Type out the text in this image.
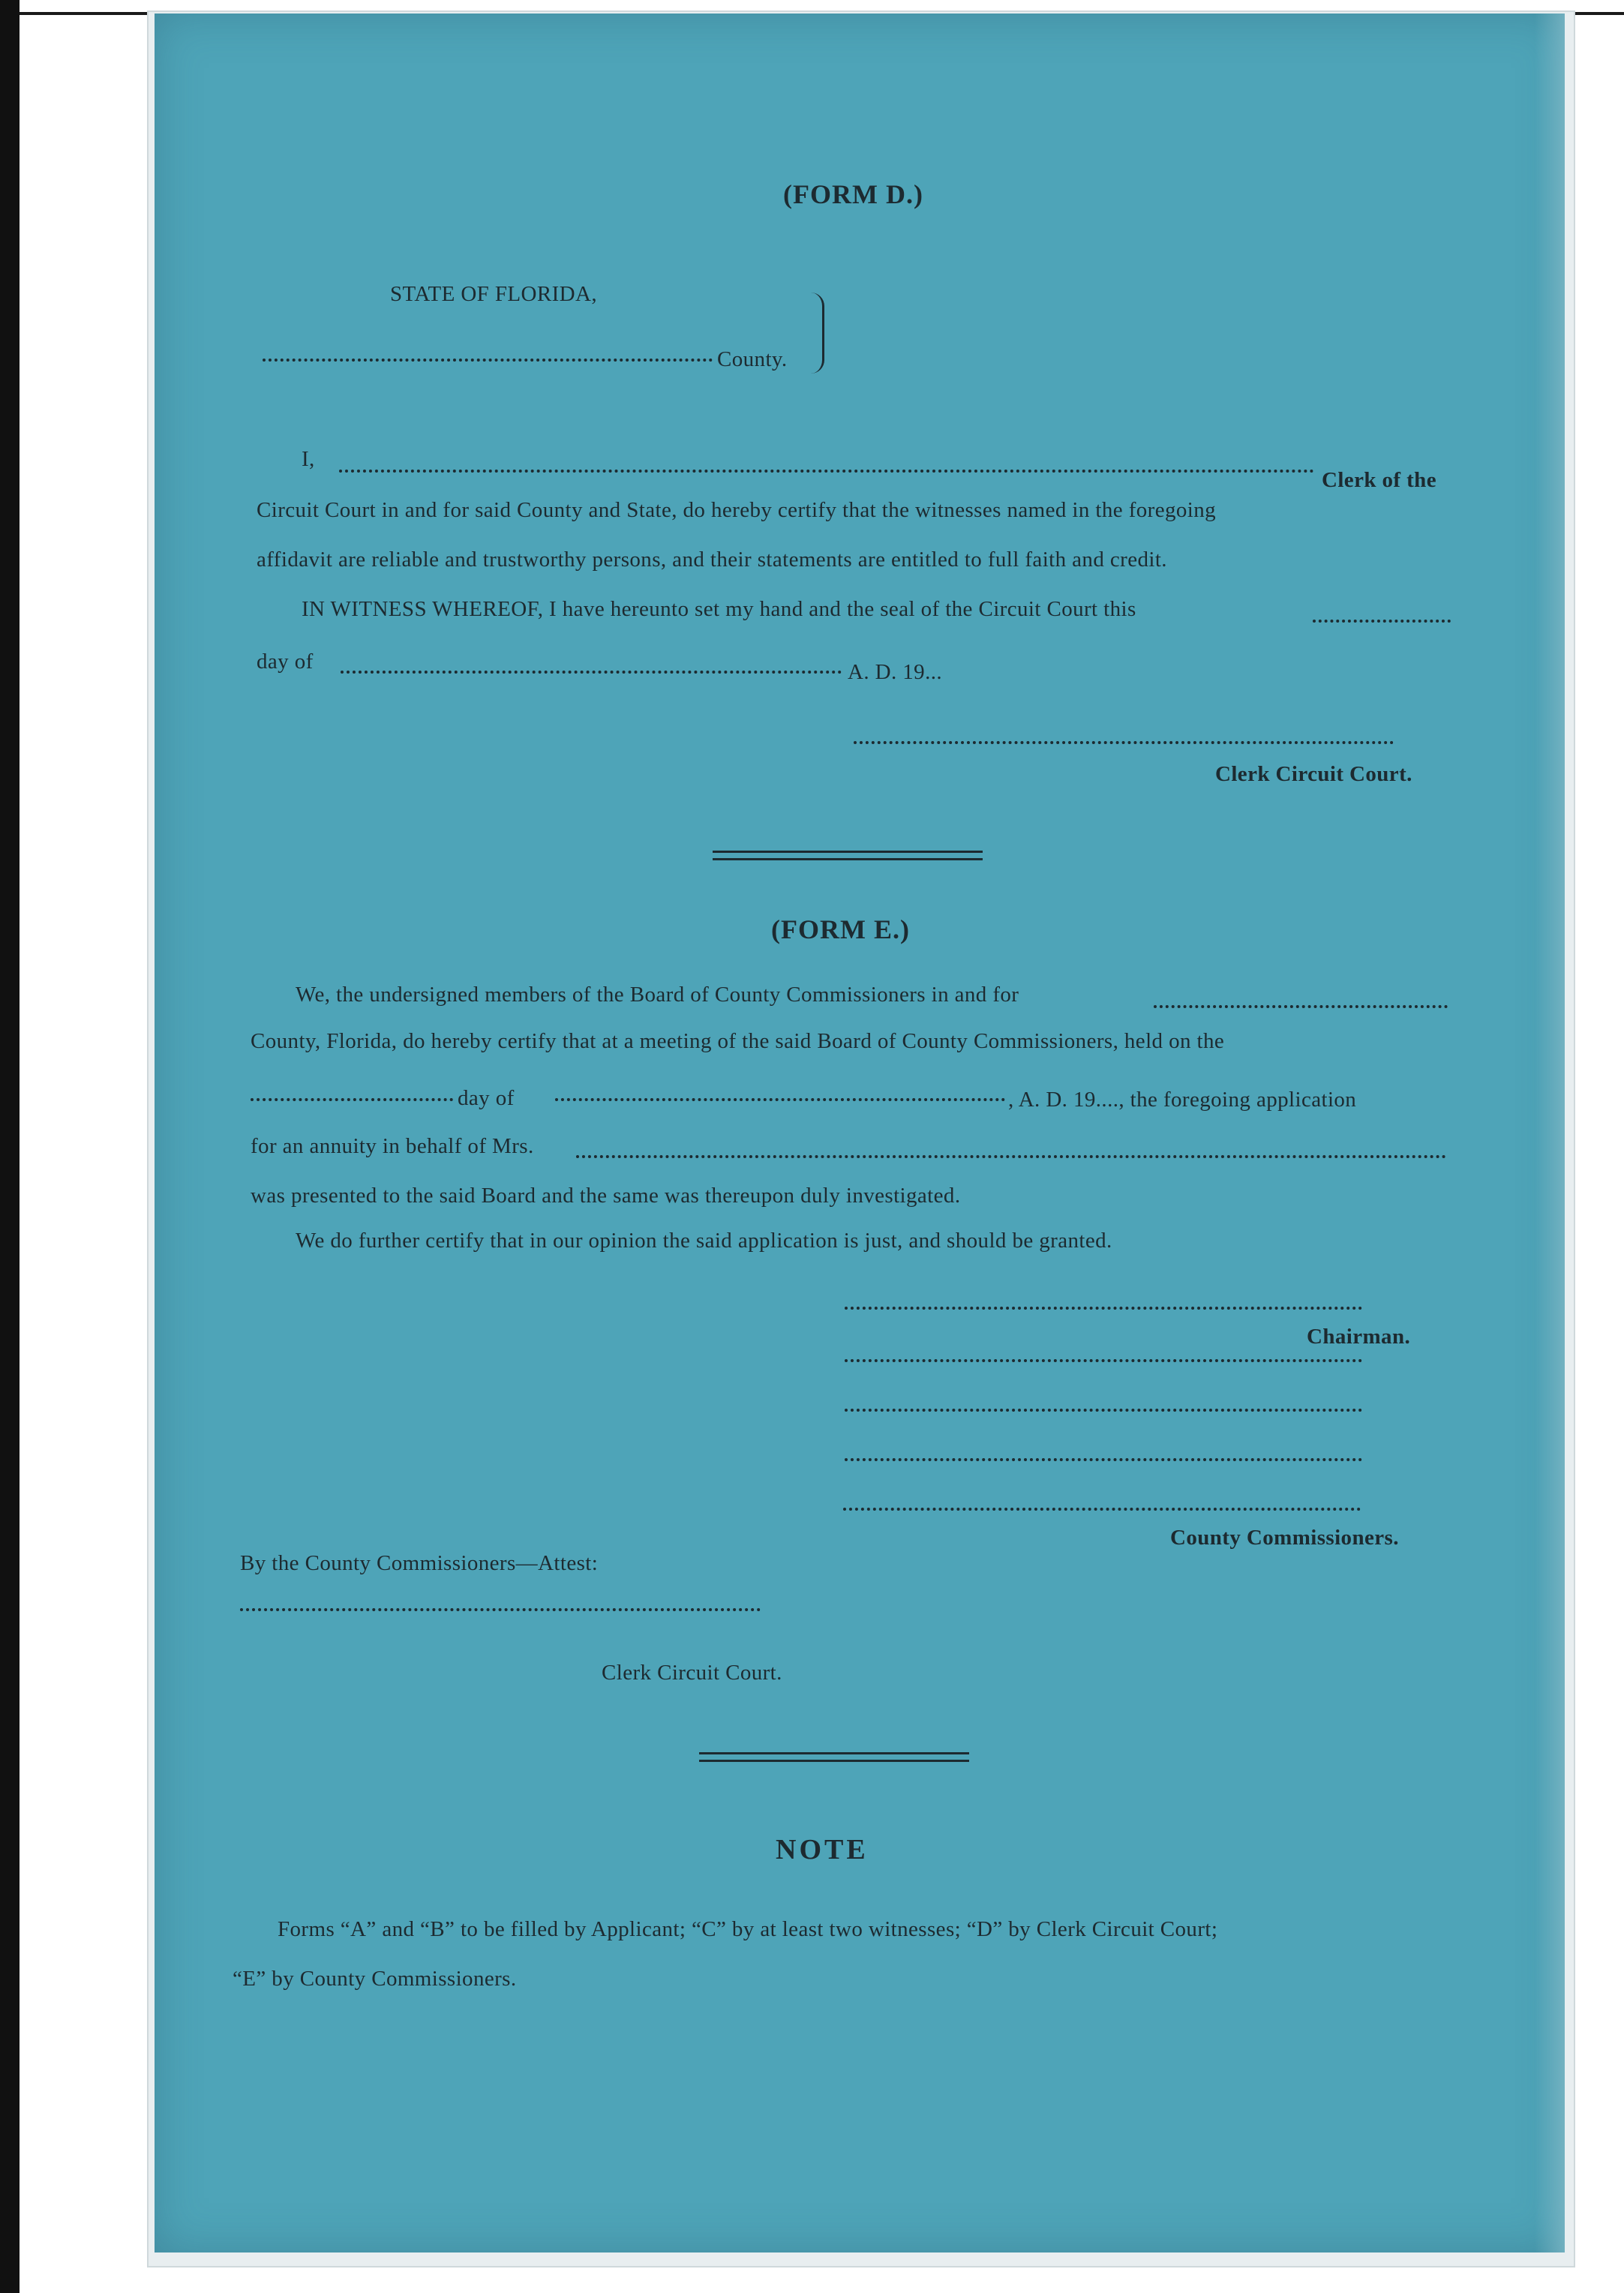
(FORM D.)
STATE OF FLORIDA,
County.
I,
Clerk of the
Circuit Court in and for said County and State, do hereby certify that the witnesses named in the foregoing
affidavit are reliable and trustworthy persons, and their statements are entitled to full faith and credit.
IN WITNESS WHEREOF, I have hereunto set my hand and the seal of the Circuit Court this
day of	A. D. 19...
Clerk Circuit Court.
(FORM E.)
We, the undersigned members of the Board of County Commissioners in and for
County, Florida, do hereby certify that at a meeting of the said Board of County Commissioners, held on the
day of	, A. D. 19...., the foregoing application
for an annuity in behalf of Mrs.
was presented to the said Board and the same was thereupon duly investigated.
We do further certify that in our opinion the said application is just, and should be granted.
Chairman.
County Commissioners.
By the County Commissioners—Attest:
Clerk Circuit Court.
NOTE
Forms “A” and “B” to be filled by Applicant; “C” by at least two witnesses; “D” by Clerk Circuit Court;
“E” by County Commissioners.
